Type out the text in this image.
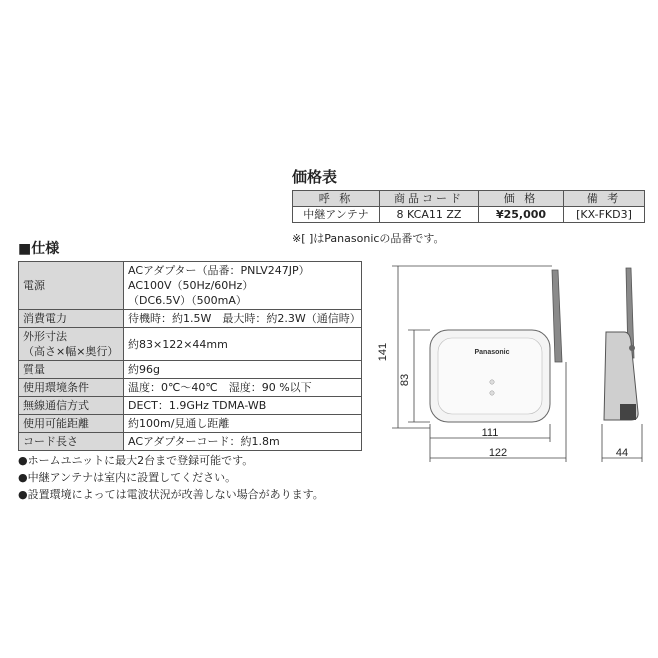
価格表
呼 称	商品コード	価 格	備 考
中継アンテナ	8 KCA11 ZZ	¥25,000	[KX-FKD3]
※[ ]はPanasonicの品番です。
■仕様
電源	ACアダプター（品番：PNLV247JP）
AC100V（50Hz/60Hz）
（DC6.5V）（500mA）

消費電力	待機時：約1.5W　最大時：約2.3W（通信時）

外形寸法
（高さ×幅×奥行）	約83×122×44mm

質量	約96g

使用環境条件	温度：0℃〜40℃　湿度：90 %以下

無線通信方式	DECT：1.9GHz TDMA-WB

使用可能距離	約100m/見通し距離

コード長さ	ACアダプターコード：約1.8m
●ホームユニットに最大2台まで登録可能です。
●中継アンテナは室内に設置してください。
●設置環境によっては電波状況が改善しない場合があります。
Panasonic
141
83
111
122	44
